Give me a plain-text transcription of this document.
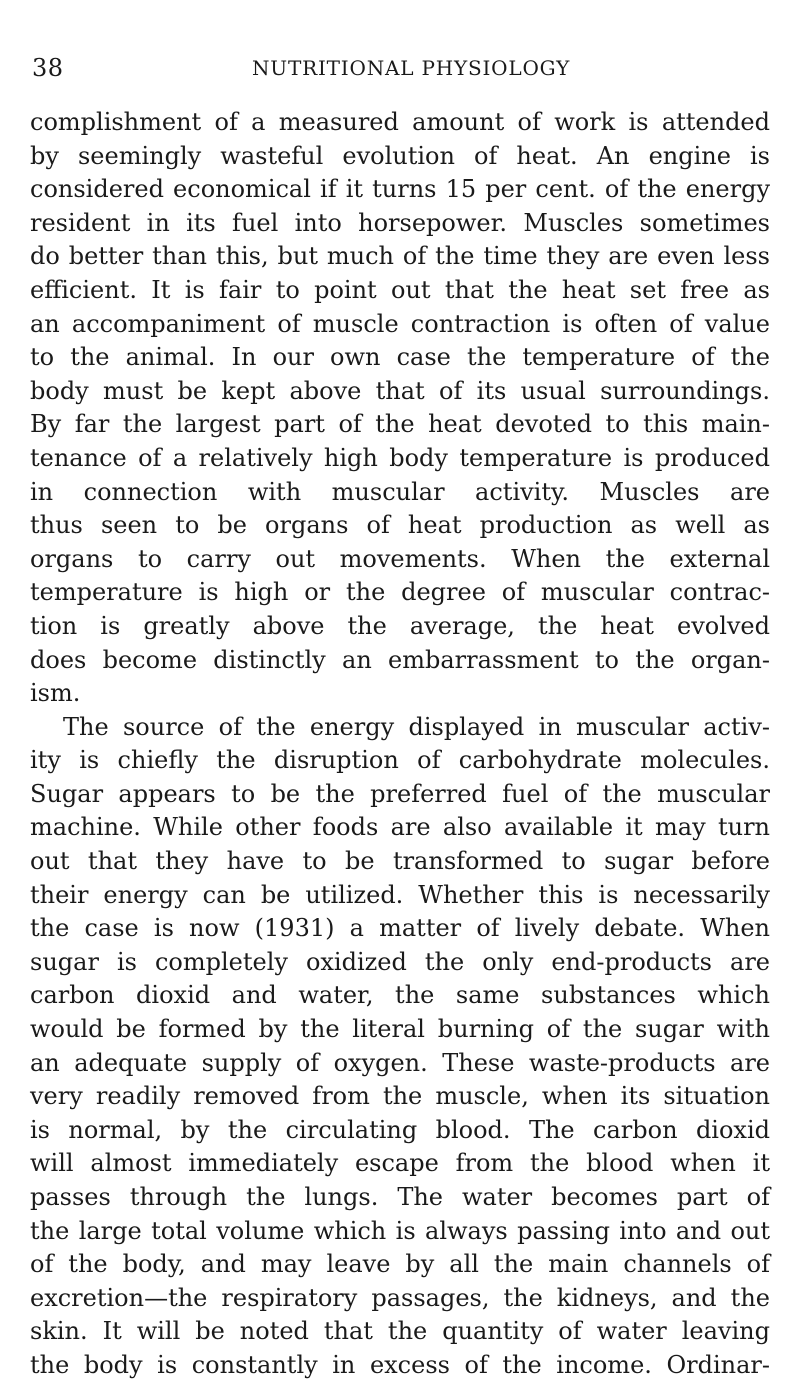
38	NUTRITIONAL PHYSIOLOGY
complishment of a measured amount of work is attended
by seemingly wasteful evolution of heat. An engine is
considered economical if it turns 15 per cent. of the energy
resident in its fuel into horsepower. Muscles sometimes
do better than this, but much of the time they are even less
efficient. It is fair to point out that the heat set free as
an accompaniment of muscle contraction is often of value
to the animal. In our own case the temperature of the
body must be kept above that of its usual surroundings.
By far the largest part of the heat devoted to this main-
tenance of a relatively high body temperature is produced
in connection with muscular activity. Muscles are
thus seen to be organs of heat production as well as
organs to carry out movements. When the external
temperature is high or the degree of muscular contrac-
tion is greatly above the average, the heat evolved
does become distinctly an embarrassment to the organ-
ism.
The source of the energy displayed in muscular activ-
ity is chiefly the disruption of carbohydrate molecules.
Sugar appears to be the preferred fuel of the muscular
machine. While other foods are also available it may turn
out that they have to be transformed to sugar before
their energy can be utilized. Whether this is necessarily
the case is now (1931) a matter of lively debate. When
sugar is completely oxidized the only end-products are
carbon dioxid and water, the same substances which
would be formed by the literal burning of the sugar with
an adequate supply of oxygen. These waste-products are
very readily removed from the muscle, when its situation
is normal, by the circulating blood. The carbon dioxid
will almost immediately escape from the blood when it
passes through the lungs. The water becomes part of
the large total volume which is always passing into and out
of the body, and may leave by all the main channels of
excretion—the respiratory passages, the kidneys, and the
skin. It will be noted that the quantity of water leaving
the body is constantly in excess of the income. Ordinar-
